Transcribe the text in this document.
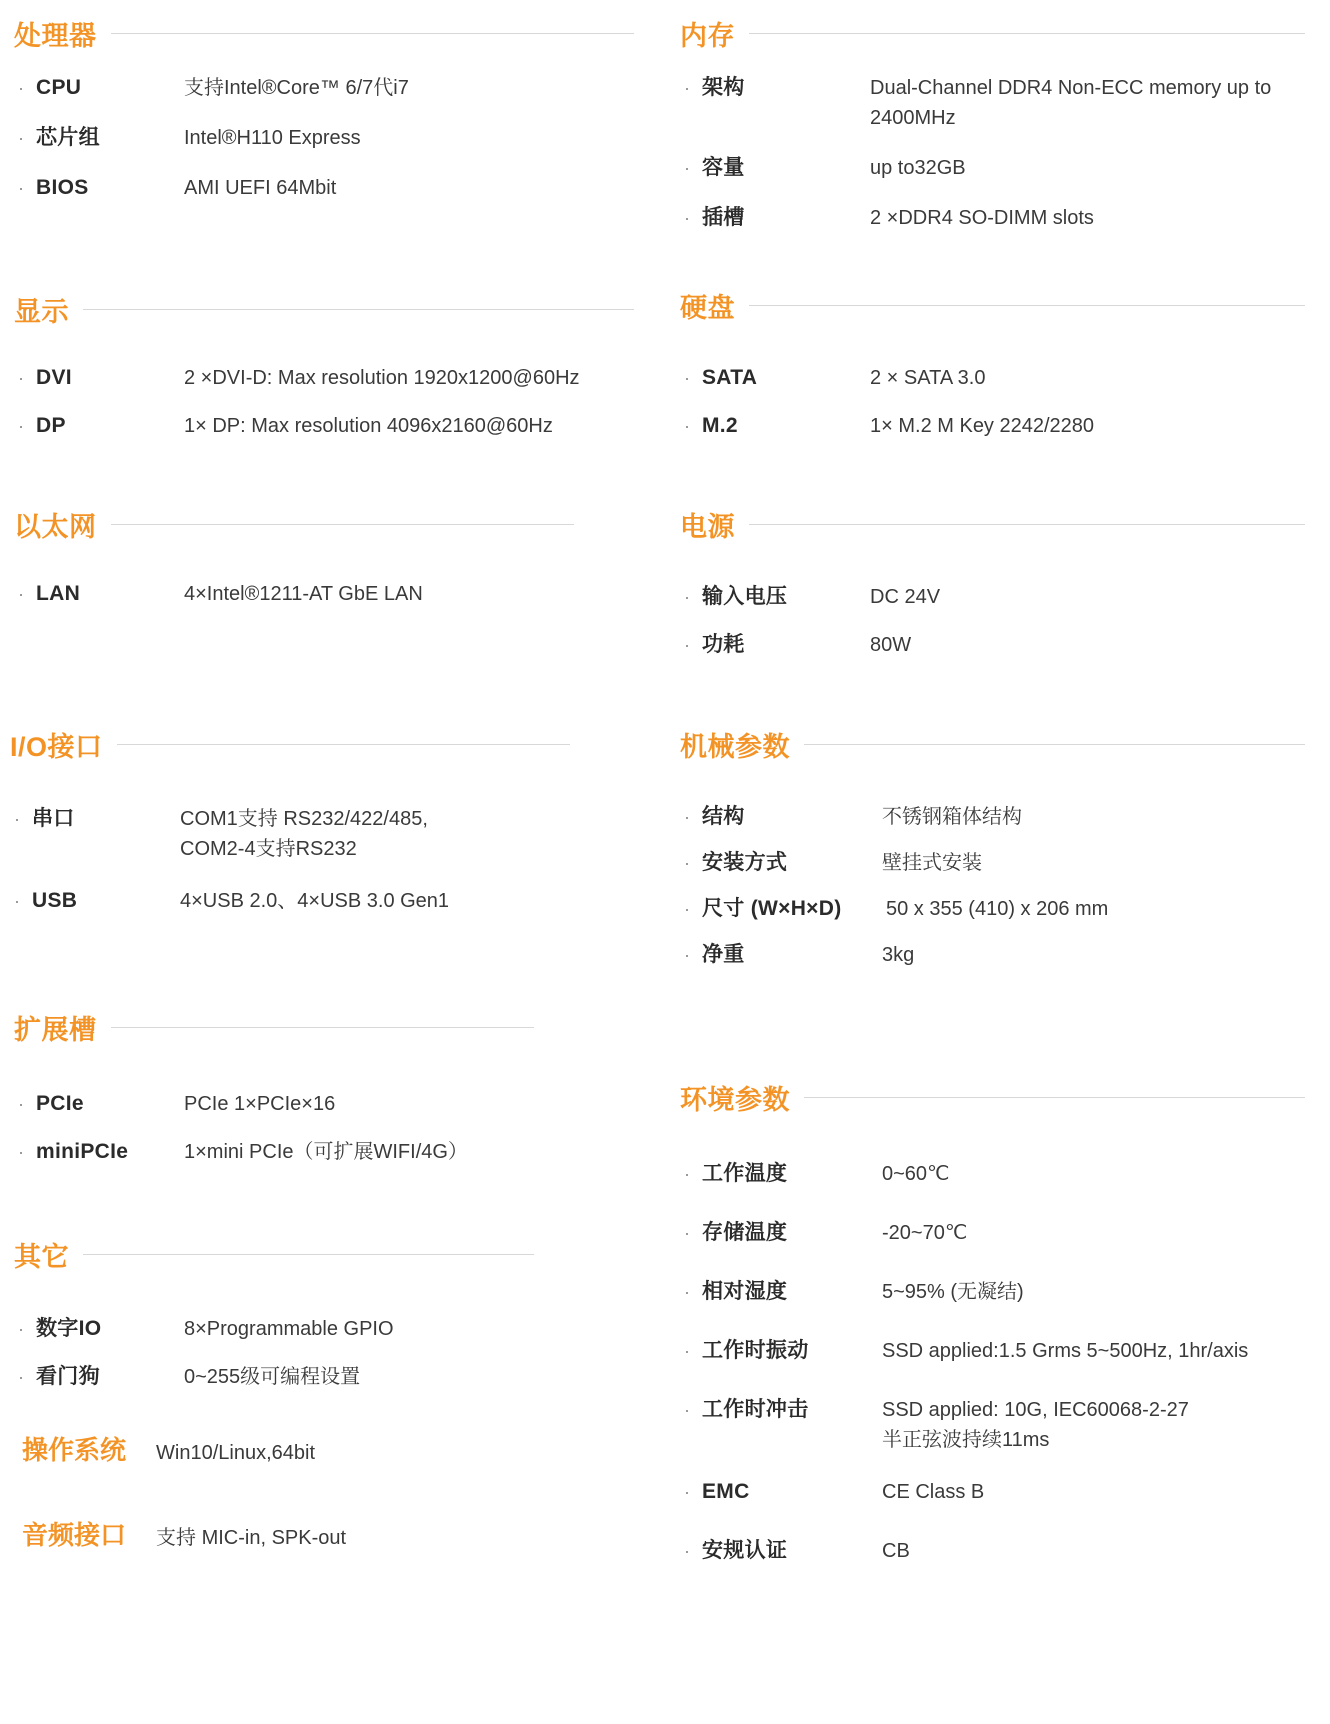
处理器
· CPU	支持Intel®Core™ 6/7代i7
· 芯片组	Intel®H110 Express
· BIOS	AMI UEFI 64Mbit
显示
· DVI	2 ×DVI-D: Max resolution 1920x1200@60Hz
· DP	1× DP: Max resolution 4096x2160@60Hz
以太网
· LAN	4×Intel®1211-AT GbE LAN
I/O接口
· 串口	COM1支持 RS232/422/485,
COM2-4支持RS232
· USB	4×USB 2.0、4×USB 3.0 Gen1
扩展槽
· PCIe	PCIe 1×PCIe×16
· miniPCIe	1×mini PCIe（可扩展WIFI/4G）
其它
· 数字IO	8×Programmable GPIO
· 看门狗	0~255级可编程设置
操作系统 Win10/Linux,64bit
音频接口 支持 MIC-in, SPK-out
内存
· 架构	Dual-Channel DDR4 Non-ECC memory up to 2400MHz
· 容量	up to32GB
· 插槽	2 ×DDR4 SO-DIMM slots
硬盘
· SATA	2 × SATA 3.0
· M.2	1× M.2 M Key 2242/2280
电源
· 输入电压	DC 24V
· 功耗	80W
机械参数
· 结构	不锈钢箱体结构
· 安装方式	壁挂式安装
· 尺寸 (W×H×D)	50 x 355 (410) x 206 mm
· 净重	3kg
环境参数
· 工作温度	0~60℃
· 存储温度	-20~70℃
· 相对湿度	5~95% (无凝结)
· 工作时振动	SSD applied:1.5 Grms 5~500Hz, 1hr/axis
· 工作时冲击	SSD applied: 10G, IEC60068-2-27
半正弦波持续11ms
· EMC	CE Class B
· 安规认证	CB
